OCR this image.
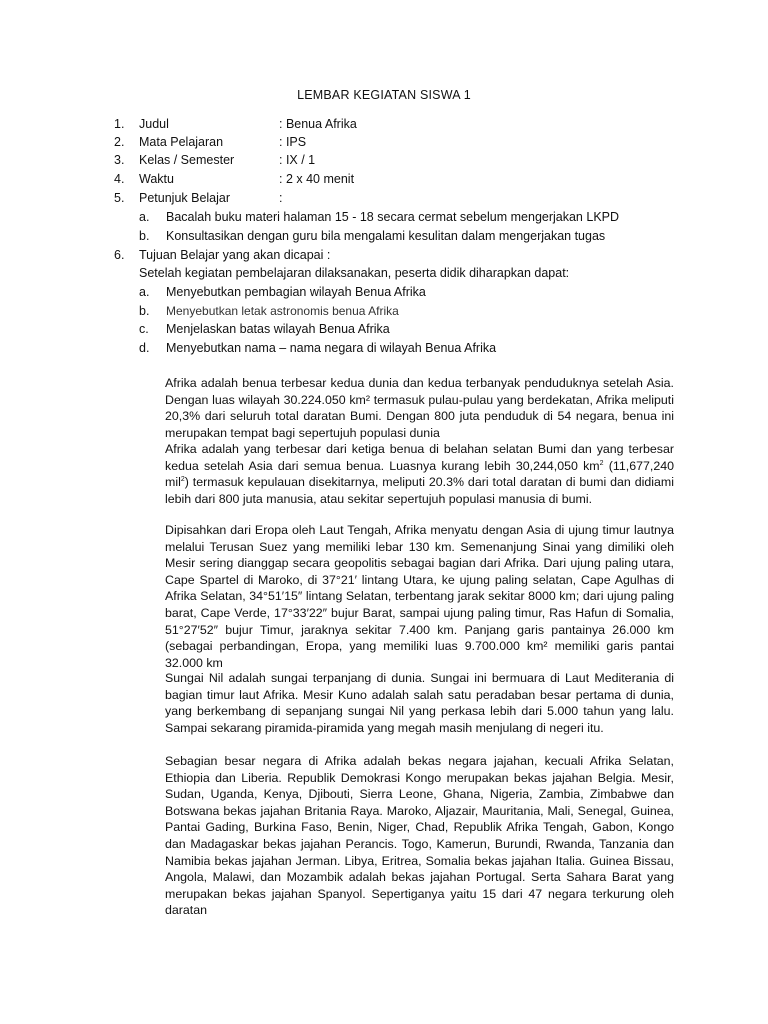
LEMBAR KEGIATAN SISWA 1
1. Judul	: Benua Afrika
2. Mata Pelajaran	: IPS
3. Kelas / Semester	: IX / 1
4. Waktu	: 2 x 40 menit
5. Petunjuk Belajar	:
a. Bacalah buku materi halaman 15 - 18 secara cermat sebelum mengerjakan LKPD
b. Konsultasikan dengan guru bila mengalami kesulitan dalam mengerjakan tugas
6. Tujuan Belajar yang akan dicapai :
Setelah kegiatan pembelajaran dilaksanakan, peserta didik diharapkan dapat:
a. Menyebutkan pembagian wilayah Benua Afrika
b. Menyebutkan letak astronomis benua Afrika
c. Menjelaskan batas wilayah Benua Afrika
d. Menyebutkan nama – nama negara di wilayah Benua Afrika

Afrika adalah benua terbesar kedua dunia dan kedua terbanyak penduduknya setelah Asia. Dengan luas wilayah 30.224.050 km² termasuk pulau-pulau yang berdekatan, Afrika meliputi 20,3% dari seluruh total daratan Bumi. Dengan 800 juta penduduk di 54 negara, benua ini merupakan tempat bagi sepertujuh populasi dunia

Afrika adalah yang terbesar dari ketiga benua di belahan selatan Bumi dan yang terbesar kedua setelah Asia dari semua benua. Luasnya kurang lebih 30,244,050 $km^2$ (11,677,240 mil$^2$) termasuk kepulauan disekitarnya, meliputi 20.3% dari total daratan di bumi dan didiami lebih dari 800 juta manusia, atau sekitar sepertujuh populasi manusia di bumi.

Dipisahkan dari Eropa oleh Laut Tengah, Afrika menyatu dengan Asia di ujung timur lautnya melalui Terusan Suez yang memiliki lebar 130 km. Semenanjung Sinai yang dimiliki oleh Mesir sering dianggap secara geopolitis sebagai bagian dari Afrika. Dari ujung paling utara, Cape Spartel di Maroko, di 37°21′ lintang Utara, ke ujung paling selatan, Cape Agulhas di Afrika Selatan, 34°51′15″ lintang Selatan, terbentang jarak sekitar 8000 km; dari ujung paling barat, Cape Verde, 17°33′22″ bujur Barat, sampai ujung paling timur, Ras Hafun di Somalia, 51°27′52″ bujur Timur, jaraknya sekitar 7.400 km. Panjang garis pantainya 26.000 km (sebagai perbandingan, Eropa, yang memiliki luas 9.700.000 km² memiliki garis pantai 32.000 km

Sungai Nil adalah sungai terpanjang di dunia. Sungai ini bermuara di Laut Mediterania di bagian timur laut Afrika. Mesir Kuno adalah salah satu peradaban besar pertama di dunia, yang berkembang di sepanjang sungai Nil yang perkasa lebih dari 5.000 tahun yang lalu. Sampai sekarang piramida-piramida yang megah masih menjulang di negeri itu.

Sebagian besar negara di Afrika adalah bekas negara jajahan, kecuali Afrika Selatan, Ethiopia dan Liberia. Republik Demokrasi Kongo merupakan bekas jajahan Belgia. Mesir, Sudan, Uganda, Kenya, Djibouti, Sierra Leone, Ghana, Nigeria, Zambia, Zimbabwe dan Botswana bekas jajahan Britania Raya. Maroko, Aljazair, Mauritania, Mali, Senegal, Guinea, Pantai Gading, Burkina Faso, Benin, Niger, Chad, Republik Afrika Tengah, Gabon, Kongo dan Madagaskar bekas jajahan Perancis. Togo, Kamerun, Burundi, Rwanda, Tanzania dan Namibia bekas jajahan Jerman. Libya, Eritrea, Somalia bekas jajahan Italia. Guinea Bissau, Angola, Malawi, dan Mozambik adalah bekas jajahan Portugal. Serta Sahara Barat yang merupakan bekas jajahan Spanyol. Sepertiganya yaitu 15 dari 47 negara terkurung oleh daratan
